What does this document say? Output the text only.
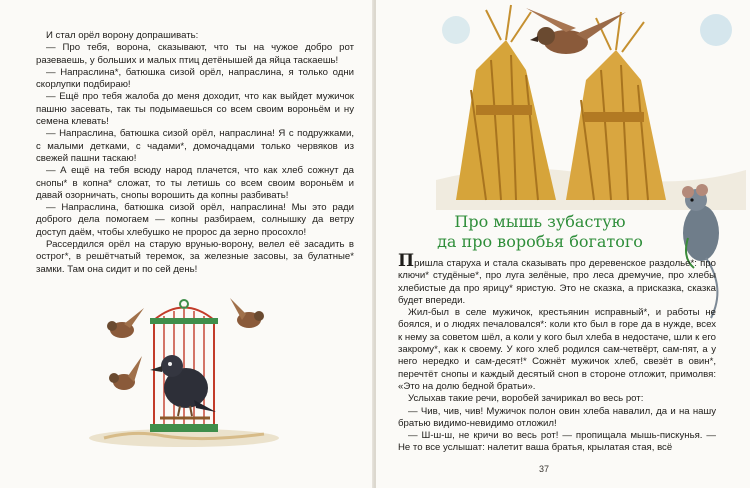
И стал орёл ворону допрашивать:

— Про тебя, ворона, сказывают, что ты на чужое добро рот разеваешь, у больших и малых птиц детёнышей да яйца таскаешь!

— Напраслина*, батюшка сизой орёл, напраслина, я только одни скорлупки подбираю!

— Ещё про тебя жалоба до меня доходит, что как выйдет мужичок пашню засевать, так ты подымаешься со всем своим вороньём и ну семена клевать!

— Напраслина, батюшка сизой орёл, напраслина! Я с подружками, с малыми детками, с чадами*, домочадцами только червяков из свежей пашни таскаю!

— А ещё на тебя всюду народ плачется, что как хлеб сожнут да снопы* в копна* сложат, то ты летишь со всем своим вороньём и давай озорничать, снопы ворошить да копны разбивать!

— Напраслина, батюшка сизой орёл, напраслина! Мы это ради доброго дела помогаем — копны разбираем, солнышку да ветру доступ даём, чтобы хлебушко не пророс да зерно просохло!

Рассердился орёл на старую врунью-ворону, велел её засадить в острог*, в решётчатый теремок, за железные засовы, за булатные* замки. Там она сидит и по сей день!

Про мышь зубастую
да про воробья богатого

Пришла старуха и стала сказывать про деревенское раздолье*: про ключи* студёные*, про луга зелёные, про леса дремучие, про хлебы хлебистые да про ярицу* яристую. Это не сказка, а присказка, сказка будет впереди.

Жил-был в селе мужичок, крестьянин исправный*, и работы не боялся, и о людях печаловался*: коли кто был в горе да в нужде, всех к нему за советом шёл, а коли у кого был хлеба в недостаче, шли к его закрому*, как к своему. У кого хлеб родился сам-четвёрт, сам-пят, а у него нередко и сам-десят!* Сожнёт мужичок хлеб, свезёт в овин*, перечтёт снопы и каждый десятый сноп в стороне отложит, примолвя: «Это на долю бедной братьи».

Услыхав такие речи, воробей зачирикал во весь рот:

— Чив, чив, чив! Мужичок полон овин хлеба навалил, да и на нашу братью видимо-невидимо отложил!

— Ш-ш-ш, не кричи во весь рот! — пропищала мышь-пискунья. — Не то все услышат: налетит ваша братья, крылатая стая, всё

37
